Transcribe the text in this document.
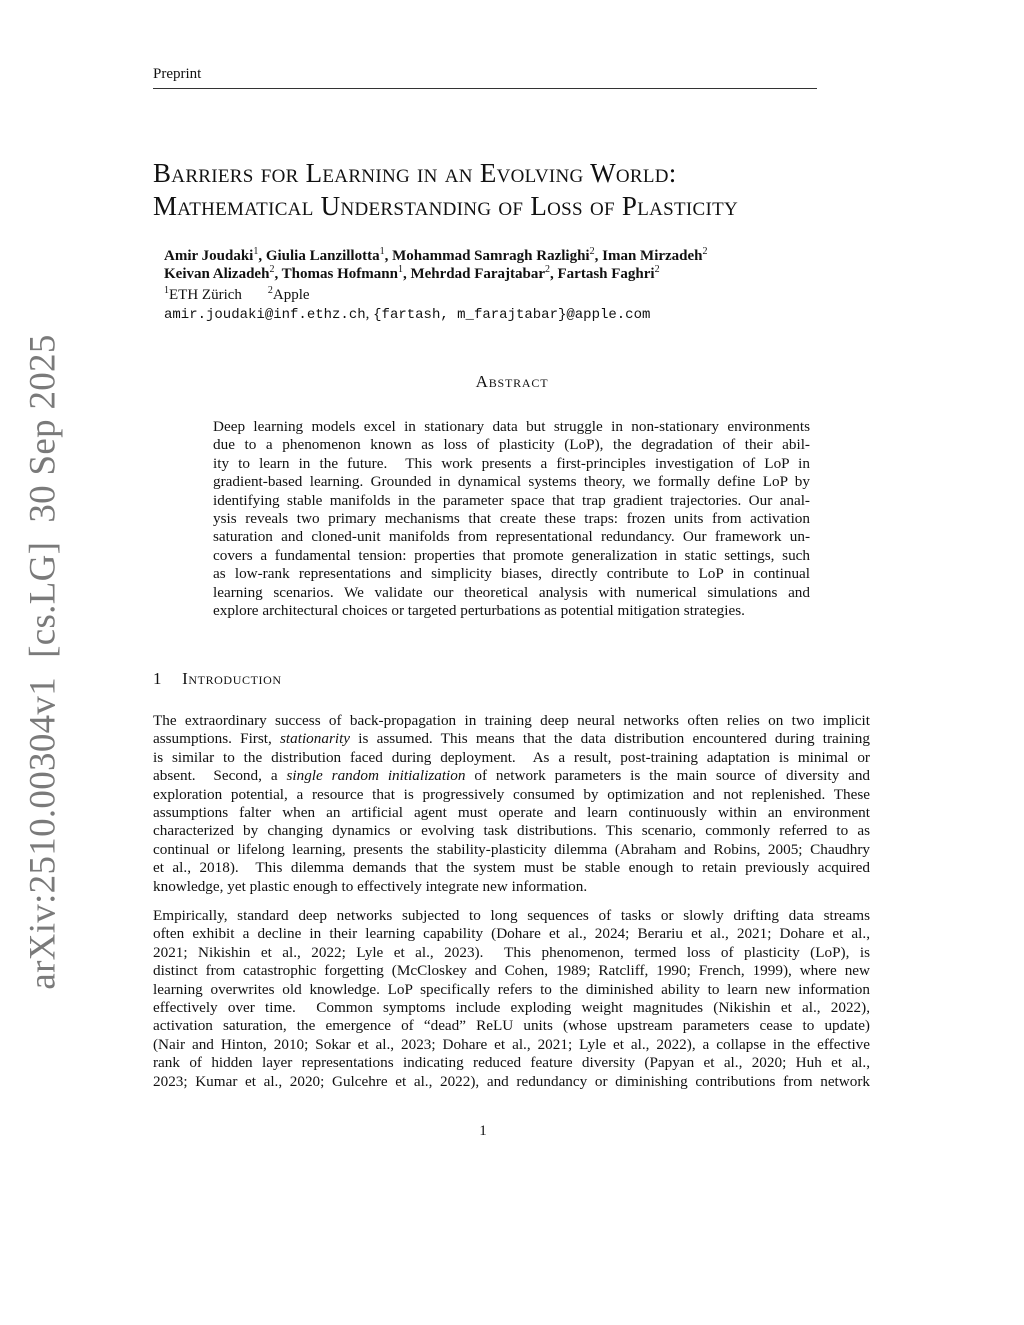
arXiv:2510.00304v1  [cs.LG]  30 Sep 2025
Preprint
Barriers for Learning in an Evolving World:
Mathematical Understanding of Loss of Plasticity
Amir Joudaki$^1$, Giulia Lanzillotta$^1$, Mohammad Samragh Razlighi$^2$, Iman Mirzadeh$^2$
Keivan Alizadeh$^2$, Thomas Hofmann$^1$, Mehrdad Farajtabar$^2$, Fartash Faghri$^2$
$^1$ETH Zürich	$^2$Apple
amir.joudaki@inf.ethz.ch, {fartash, m_farajtabar}@apple.com
Abstract
Deep learning models excel in stationary data but struggle in non-stationary environments
due to a phenomenon known as loss of plasticity (LoP), the degradation of their abil-
ity to learn in the future.  This work presents a first-principles investigation of LoP in
gradient-based learning. Grounded in dynamical systems theory, we formally define LoP by
identifying stable manifolds in the parameter space that trap gradient trajectories. Our anal-
ysis reveals two primary mechanisms that create these traps: frozen units from activation
saturation and cloned-unit manifolds from representational redundancy. Our framework un-
covers a fundamental tension: properties that promote generalization in static settings, such
as low-rank representations and simplicity biases, directly contribute to LoP in continual
learning scenarios. We validate our theoretical analysis with numerical simulations and
explore architectural choices or targeted perturbations as potential mitigation strategies.
1 Introduction
The extraordinary success of back-propagation in training deep neural networks often relies on two implicit
assumptions. First, stationarity is assumed. This means that the data distribution encountered during training
is similar to the distribution faced during deployment.  As a result, post-training adaptation is minimal or
absent.  Second, a single random initialization of network parameters is the main source of diversity and
exploration potential, a resource that is progressively consumed by optimization and not replenished. These
assumptions falter when an artificial agent must operate and learn continuously within an environment
characterized by changing dynamics or evolving task distributions. This scenario, commonly referred to as
continual or lifelong learning, presents the stability-plasticity dilemma (Abraham and Robins, 2005; Chaudhry
et al., 2018).  This dilemma demands that the system must be stable enough to retain previously acquired
knowledge, yet plastic enough to effectively integrate new information.
Empirically, standard deep networks subjected to long sequences of tasks or slowly drifting data streams
often exhibit a decline in their learning capability (Dohare et al., 2024; Berariu et al., 2021; Dohare et al.,
2021; Nikishin et al., 2022; Lyle et al., 2023).  This phenomenon, termed loss of plasticity (LoP), is
distinct from catastrophic forgetting (McCloskey and Cohen, 1989; Ratcliff, 1990; French, 1999), where new
learning overwrites old knowledge. LoP specifically refers to the diminished ability to learn new information
effectively over time.  Common symptoms include exploding weight magnitudes (Nikishin et al., 2022),
activation saturation, the emergence of “dead” ReLU units (whose upstream parameters cease to update)
(Nair and Hinton, 2010; Sokar et al., 2023; Dohare et al., 2021; Lyle et al., 2022), a collapse in the effective
rank of hidden layer representations indicating reduced feature diversity (Papyan et al., 2020; Huh et al.,
2023; Kumar et al., 2020; Gulcehre et al., 2022), and redundancy or diminishing contributions from network
1
